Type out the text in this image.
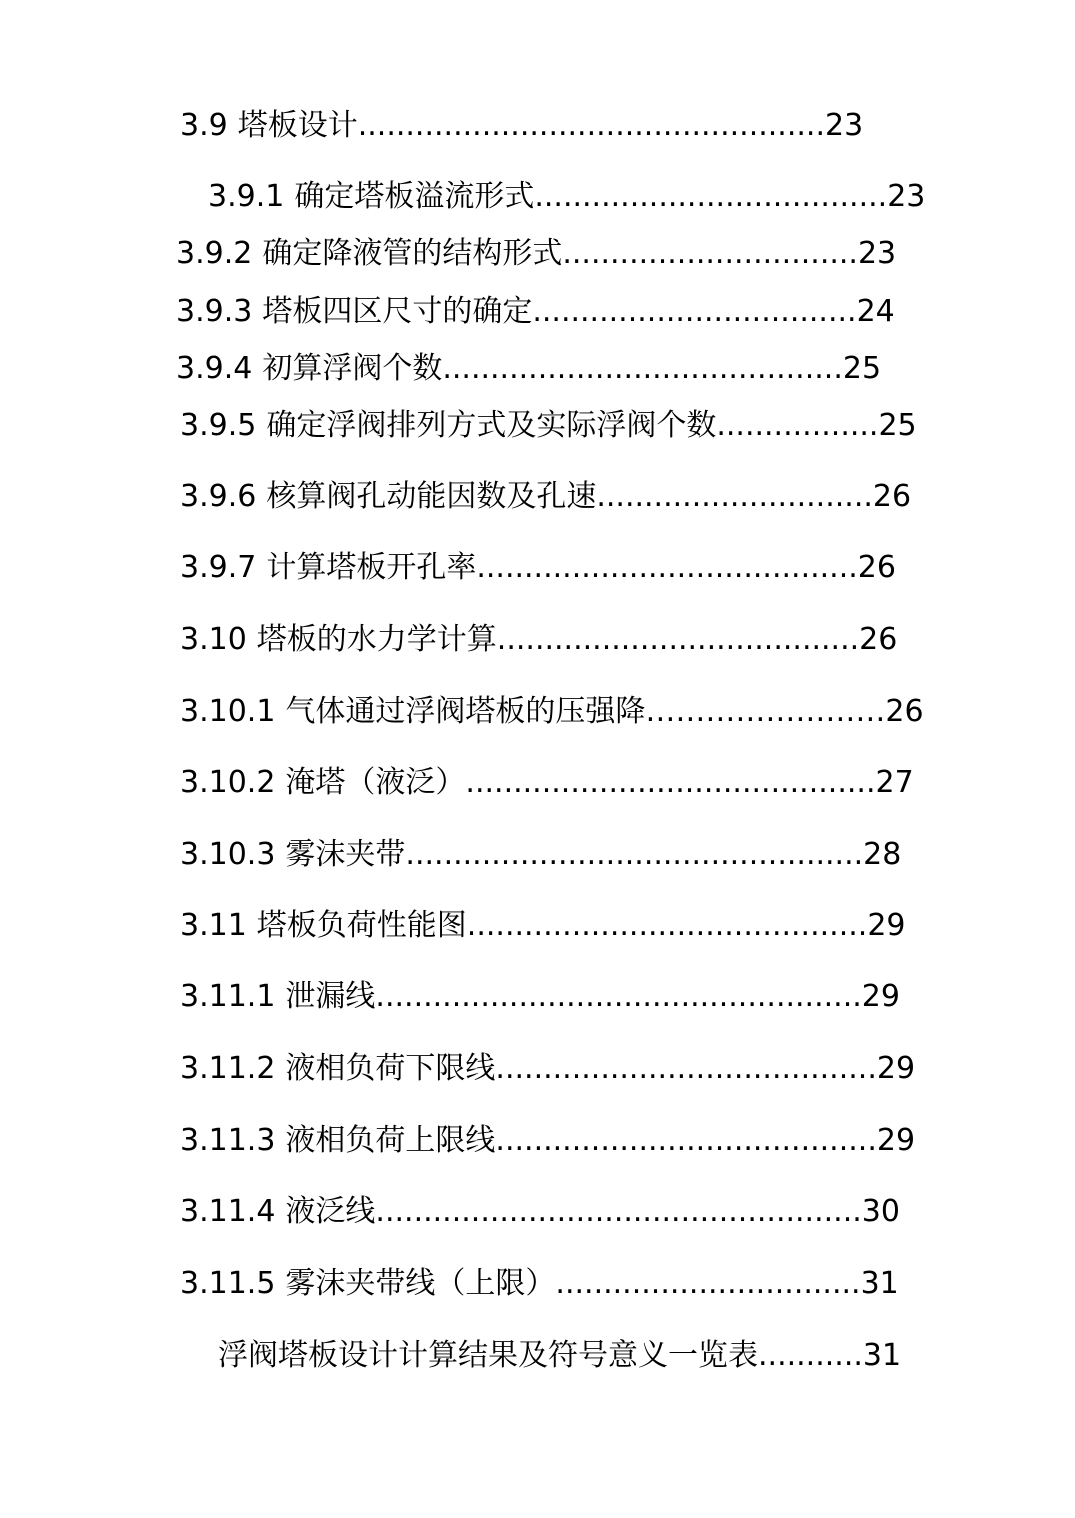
3.9 塔板设计 ................................................. 23
3.9.1 确定塔板溢流形式 ..................................... 23
3.9.2 确定降液管的结构形式 ............................... 23
3.9.3 塔板四区尺寸的确定 .................................. 24
3.9.4 初算浮阀个数 .......................................... 25
3.9.5 确定浮阀排列方式及实际浮阀个数 ................. 25
3.9.6 核算阀孔动能因数及孔速 ............................. 26
3.9.7 计算塔板开孔率 ........................................ 26
3.10 塔板的水力学计算 ...................................... 26
3.10.1 气体通过浮阀塔板的压强降 …………………… 26
3.10.2 淹塔（液泛） ........................................... 27
3.10.3 雾沫夹带 ................................................ 28
3.11 塔板负荷性能图 .......................................... 29
3.11.1 泄漏线 ................................................... 29
3.11.2 液相负荷下限线 ........................................ 29
3.11.3 液相负荷上限线 ........................................ 29
3.11.4 液泛线 ................................................... 30
3.11.5 雾沫夹带线（上限） ................................ 31
浮阀塔板设计计算结果及符号意义一览表 ........... 31
